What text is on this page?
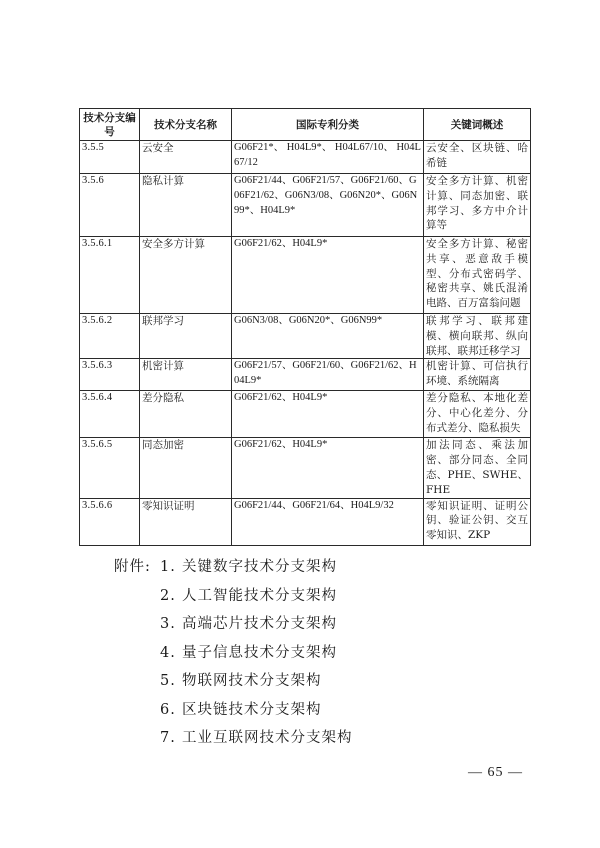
技术分支编号	技术分支名称	国际专利分类	关键词概述
3.5.5	云安全	G06F21*、 H04L9*、 H04L67/10、 H04L67/12	云安全、区块链、哈希链
3.5.6	隐私计算	G06F21/44、G06F21/57、G06F21/60、G06F21/62、G06N3/08、G06N20*、G06N99*、H04L9*	安全多方计算、机密计算、同态加密、联邦学习、多方中介计算等
3.5.6.1	安全多方计算	G06F21/62、H04L9*	安全多方计算、秘密共享、恶意敌手模型、分布式密码学、秘密共享、姚氏混淆电路、百万富翁问题
3.5.6.2	联邦学习	G06N3/08、G06N20*、G06N99*	联邦学习、联邦建模、横向联邦、纵向联邦、联邦迁移学习
3.5.6.3	机密计算	G06F21/57、G06F21/60、G06F21/62、H04L9*	机密计算、可信执行环境、系统隔离
3.5.6.4	差分隐私	G06F21/62、H04L9*	差分隐私、本地化差分、中心化差分、分布式差分、隐私损失
3.5.6.5	同态加密	G06F21/62、H04L9*	加法同态、乘法加密、部分同态、全同态、PHE、SWHE、FHE
3.5.6.6	零知识证明	G06F21/44、G06F21/64、H04L9/32	零知识证明、证明公钥、验证公钥、交互零知识、ZKP
附件: 1. 关键数字技术分支架构
2. 人工智能技术分支架构
3. 高端芯片技术分支架构
4. 量子信息技术分支架构
5. 物联网技术分支架构
6. 区块链技术分支架构
7. 工业互联网技术分支架构
— 65 —
